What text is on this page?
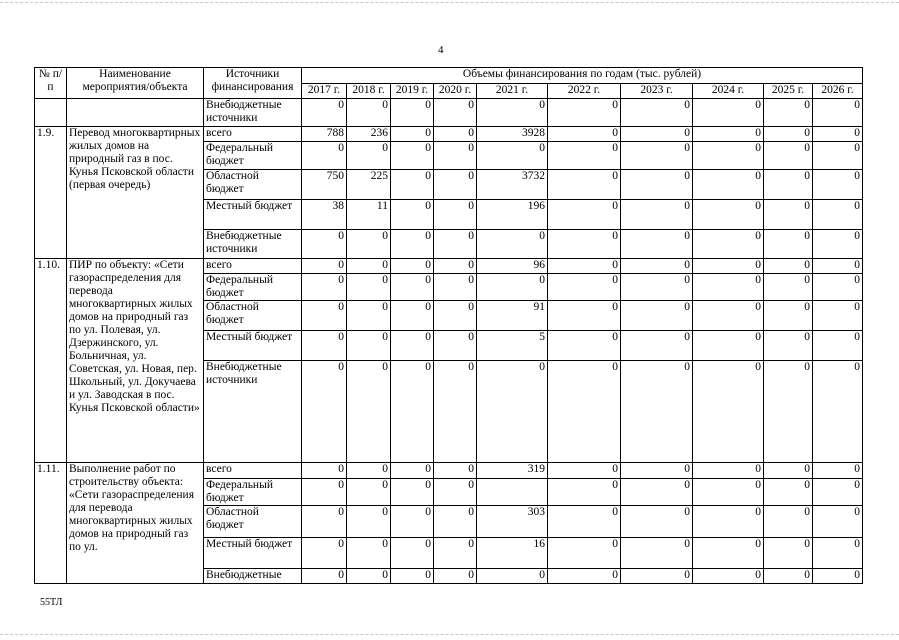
4
№ п/п	Наименование мероприятия/объекта	Источники финансирования	Объемы финансирования по годам (тыс. рублей)									
			2017 г.	2018 г.	2019 г.	2020 г.	2021 г.	2022 г.	2023 г.	2024 г.	2025 г.	2026 г.
		Внебюджетные источники	0	0	0	0	0	0	0	0	0	0
1.9.	Перевод многоквартирных жилых домов на природный газ в пос. Кунья Псковской области (первая очередь)	всего	788	236	0	0	3928	0	0	0	0	0
		Федеральный бюджет	0	0	0	0	0	0	0	0	0	0
		Областной бюджет	750	225	0	0	3732	0	0	0	0	0
		Местный бюджет	38	11	0	0	196	0	0	0	0	0
		Внебюджетные источники	0	0	0	0	0	0	0	0	0	0
1.10.	ПИР по объекту: «Сети газораспределения для перевода многоквартирных жилых домов на природный газ по ул. Полевая, ул. Дзержинского, ул. Больничная, ул. Советская, ул. Новая, пер. Школьный, ул. Докучаева и ул. Заводская в пос. Кунья Псковской области»	всего	0	0	0	0	96	0	0	0	0	0
		Федеральный бюджет	0	0	0	0	0	0	0	0	0	0
		Областной бюджет	0	0	0	0	91	0	0	0	0	0
		Местный бюджет	0	0	0	0	5	0	0	0	0	0
		Внебюджетные источники	0	0	0	0	0	0	0	0	0	0
1.11.	Выполнение работ по строительству объекта: «Сети газораспределения для перевода многоквартирных жилых домов на природный газ по ул.	всего	0	0	0	0	319	0	0	0	0	0
		Федеральный бюджет	0	0	0	0		0	0	0	0	0
		Областной бюджет	0	0	0	0	303	0	0	0	0	0
		Местный бюджет	0	0	0	0	16	0	0	0	0	0
		Внебюджетные	0	0	0	0	0	0	0	0	0	0
55ТЛ
